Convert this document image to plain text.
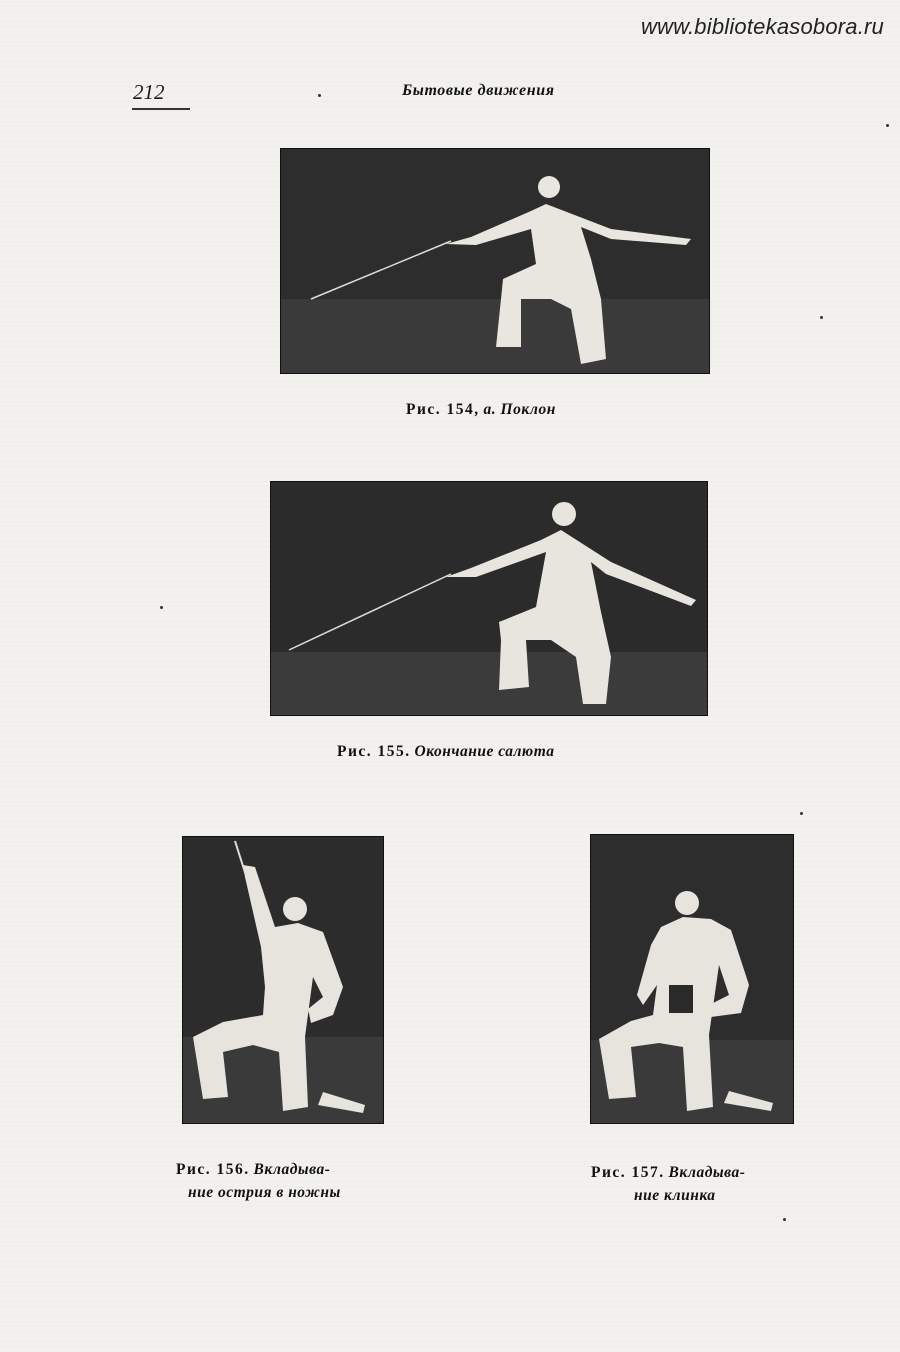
www.bibliotekasobora.ru
212	Бытовые движения
Рис. 154, а. Поклон
Рис. 155. Окончание салюта
Рис. 156. Вкладыва-
ние острия в ножны
Рис. 157. Вкладыва-
ние клинка
